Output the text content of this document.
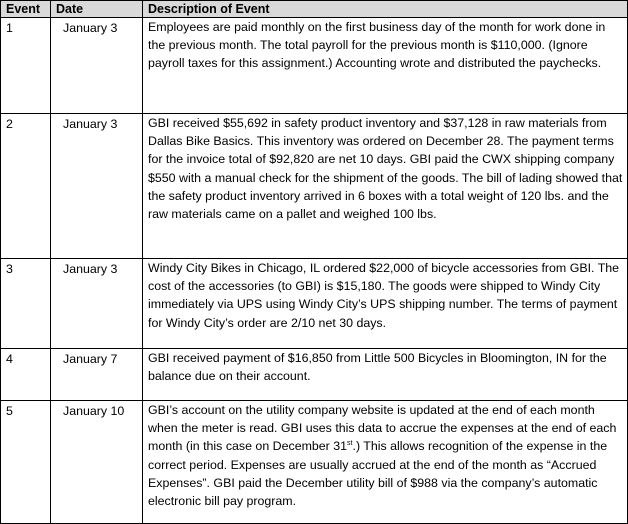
Event	Date	Description of Event
1	January 3	Employees are paid monthly on the first business day of the month for work done in the previous month. The total payroll for the previous month is $110,000. (Ignore payroll taxes for this assignment.) Accounting wrote and distributed the paychecks.
2	January 3	GBI received $55,692 in safety product inventory and $37,128 in raw materials from Dallas Bike Basics. This inventory was ordered on December 28. The payment terms for the invoice total of $92,820 are net 10 days. GBI paid the CWX shipping company $550 with a manual check for the shipment of the goods. The bill of lading showed that the safety product inventory arrived in 6 boxes with a total weight of 120 lbs. and the raw materials came on a pallet and weighed 100 lbs.
3	January 3	Windy City Bikes in Chicago, IL ordered $22,000 of bicycle accessories from GBI. The cost of the accessories (to GBI) is $15,180. The goods were shipped to Windy City immediately via UPS using Windy City’s UPS shipping number. The terms of payment for Windy City’s order are 2/10 net 30 days.
4	January 7	GBI received payment of $16,850 from Little 500 Bicycles in Bloomington, IN for the balance due on their account.
5	January 10	GBI’s account on the utility company website is updated at the end of each month when the meter is read. GBI uses this data to accrue the expenses at the end of each month (in this case on December 31st.) This allows recognition of the expense in the correct period. Expenses are usually accrued at the end of the month as “Accrued Expenses”. GBI paid the December utility bill of $988 via the company’s automatic electronic bill pay program.
